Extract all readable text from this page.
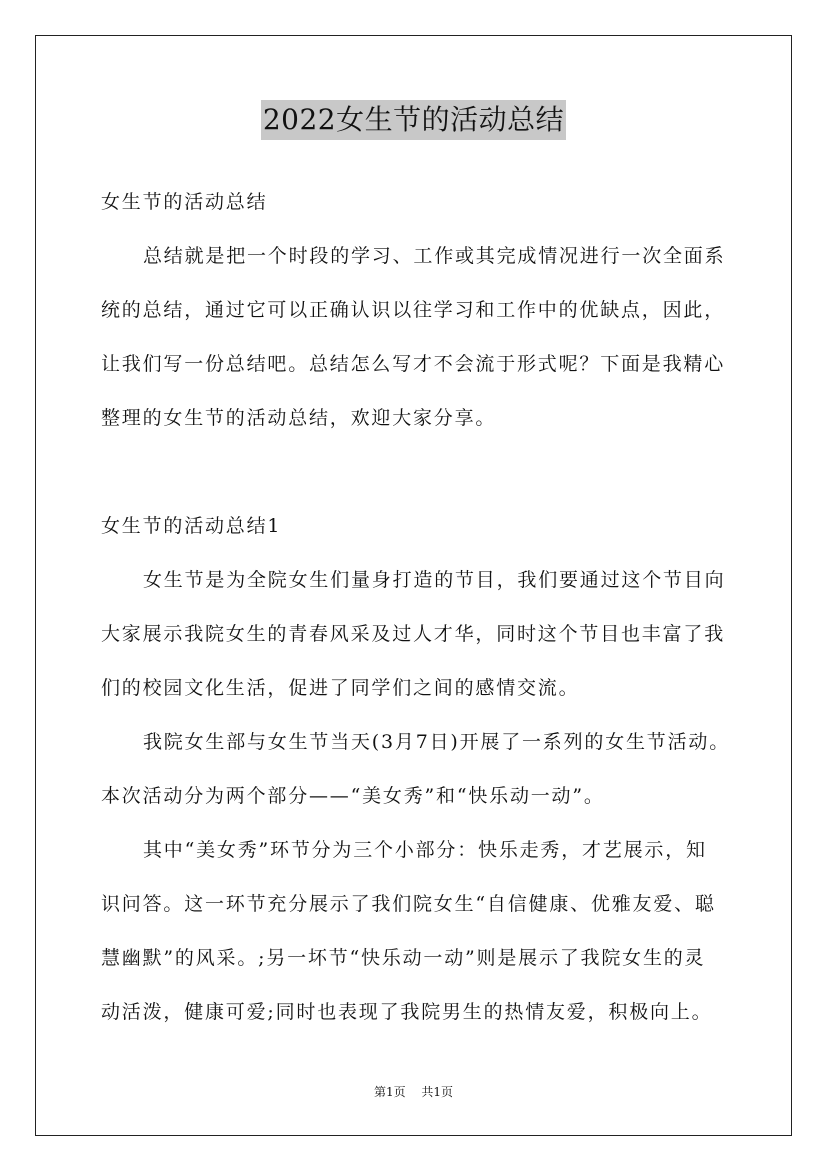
2022女生节的活动总结
女生节的活动总结
总结就是把一个时段的学习、工作或其完成情况进行一次全面系
统的总结，通过它可以正确认识以往学习和工作中的优缺点，因此，
让我们写一份总结吧。总结怎么写才不会流于形式呢？下面是我精心
整理的女生节的活动总结，欢迎大家分享。
女生节的活动总结1
女生节是为全院女生们量身打造的节目，我们要通过这个节目向
大家展示我院女生的青春风采及过人才华，同时这个节目也丰富了我
们的校园文化生活，促进了同学们之间的感情交流。
我院女生部与女生节当天(3月7日)开展了一系列的女生节活动。
本次活动分为两个部分——“美女秀”和“快乐动一动”。
其中“美女秀”环节分为三个小部分：快乐走秀，才艺展示，知
识问答。这一环节充分展示了我们院女生“自信健康、优雅友爱、聪
慧幽默”的风采。;另一坏节“快乐动一动”则是展示了我院女生的灵
动活泼，健康可爱;同时也表现了我院男生的热情友爱，积极向上。
第1页 共1页
